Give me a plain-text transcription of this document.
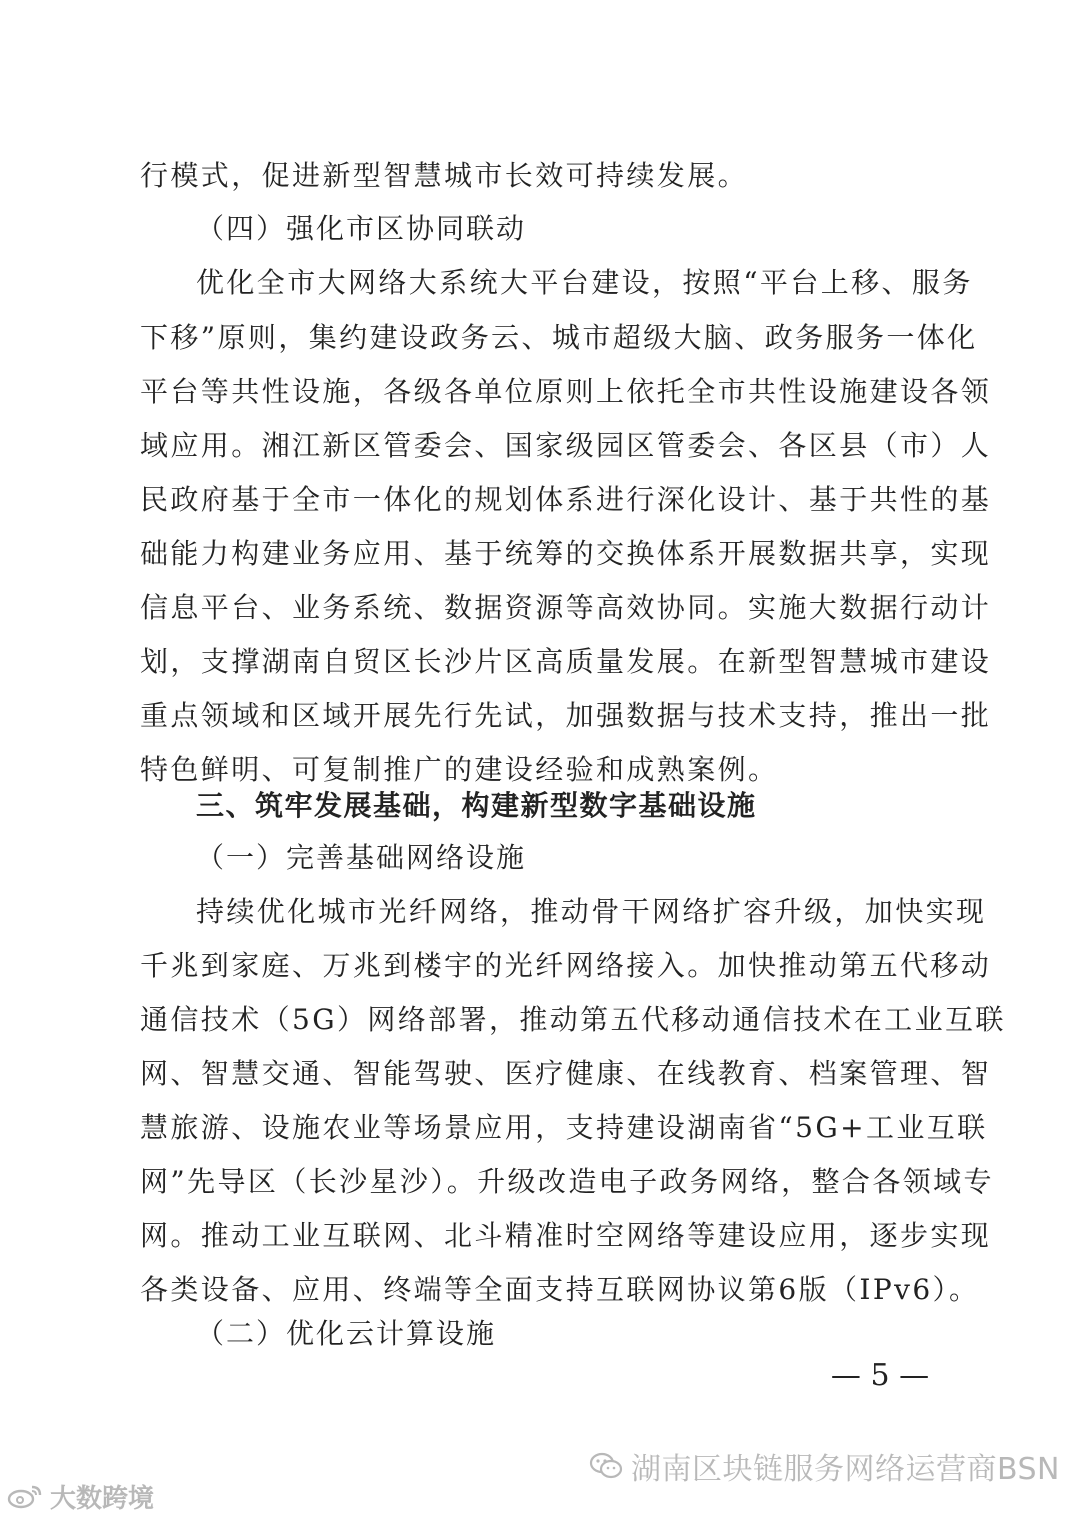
行模式，促进新型智慧城市长效可持续发展。
（四）强化市区协同联动
优化全市大网络大系统大平台建设，按照“平台上移、服务
下移”原则，集约建设政务云、城市超级大脑、政务服务一体化
平台等共性设施，各级各单位原则上依托全市共性设施建设各领
域应用。湘江新区管委会、国家级园区管委会、各区县（市）人
民政府基于全市一体化的规划体系进行深化设计、基于共性的基
础能力构建业务应用、基于统筹的交换体系开展数据共享，实现
信息平台、业务系统、数据资源等高效协同。实施大数据行动计
划，支撑湖南自贸区长沙片区高质量发展。在新型智慧城市建设
重点领域和区域开展先行先试，加强数据与技术支持，推出一批
特色鲜明、可复制推广的建设经验和成熟案例。
三、筑牢发展基础，构建新型数字基础设施
（一）完善基础网络设施
持续优化城市光纤网络，推动骨干网络扩容升级，加快实现
千兆到家庭、万兆到楼宇的光纤网络接入。加快推动第五代移动
通信技术（5G）网络部署，推动第五代移动通信技术在工业互联
网、智慧交通、智能驾驶、医疗健康、在线教育、档案管理、智
慧旅游、设施农业等场景应用，支持建设湖南省“5G+工业互联
网”先导区（长沙星沙）。升级改造电子政务网络，整合各领域专
网。推动工业互联网、北斗精准时空网络等建设应用，逐步实现
各类设备、应用、终端等全面支持互联网协议第6版（IPv6）。
（二）优化云计算设施
— 5 —
湖南区块链服务网络运营商BSN
大数跨境
